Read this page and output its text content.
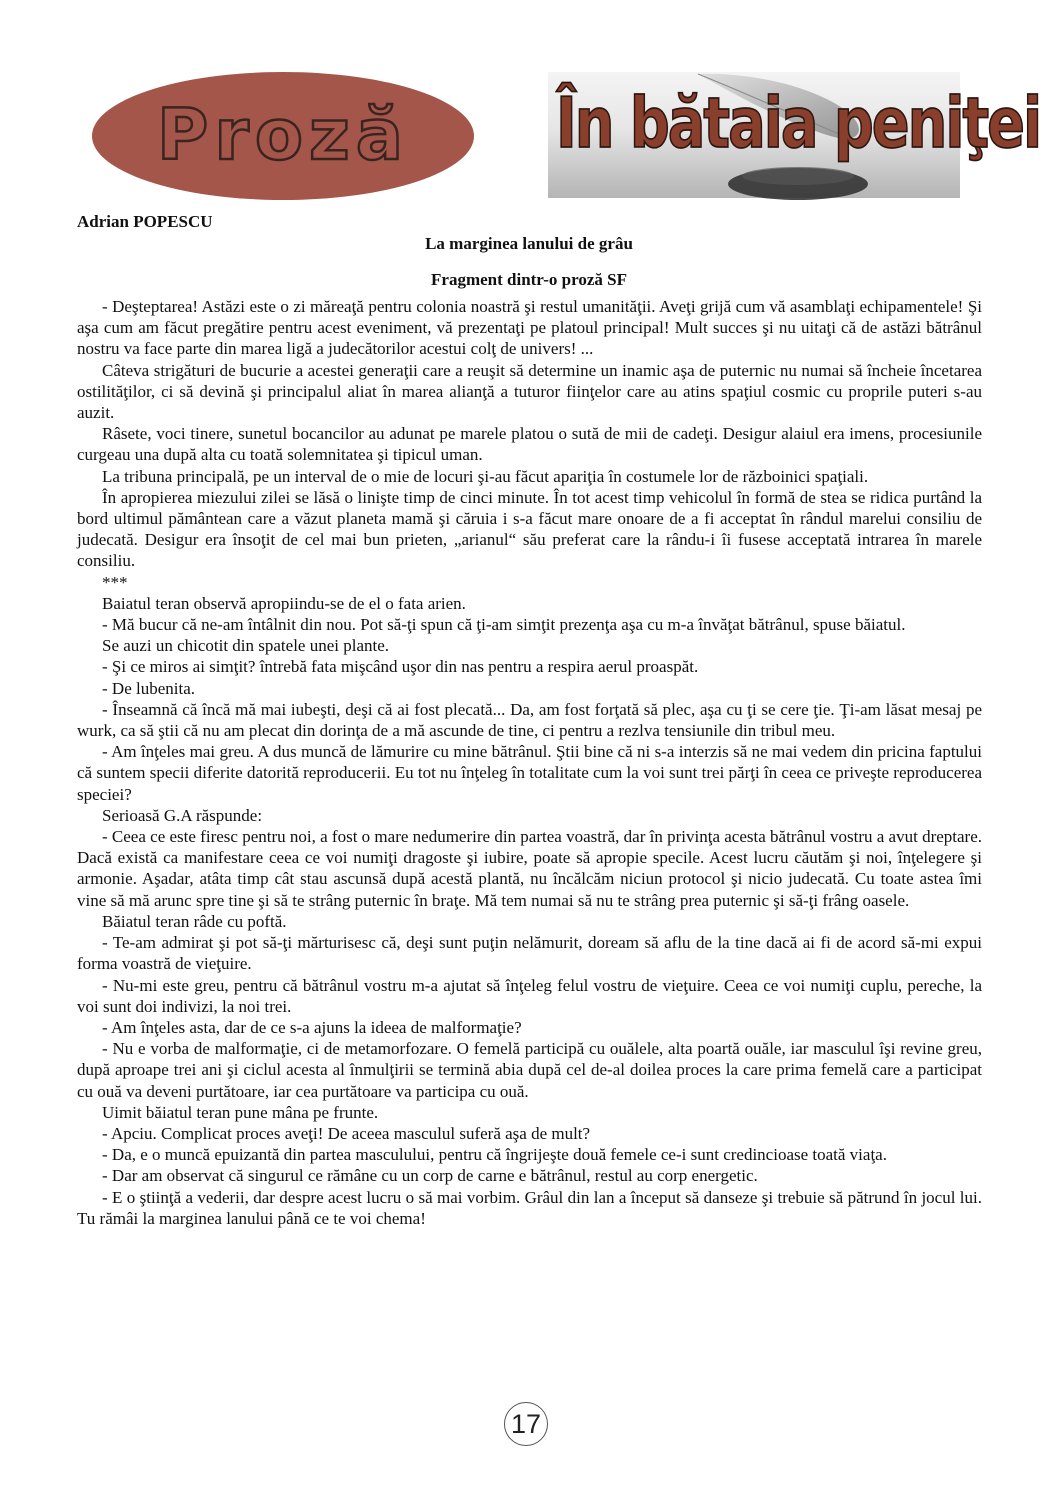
Proză	În bătaia peniţei
Adrian POPESCU
La marginea lanului de grâu
Fragment dintr-o proză SF

- Deşteptarea! Astăzi este o zi măreaţă pentru colonia noastră şi restul umanităţii. Aveţi grijă cum vă asamblaţi echipamentele! Şi aşa cum am făcut pregătire pentru acest eveniment, vă prezentaţi pe platoul principal! Mult succes şi nu uitaţi că de astăzi bătrânul nostru va face parte din marea ligă a judecătorilor acestui colţ de univers! ...

Câteva strigături de bucurie a acestei generaţii care a reuşit să determine un inamic aşa de puternic nu numai să încheie încetarea ostilităţilor, ci să devină şi principalul aliat în marea alianţă a tuturor fiinţelor care au atins spaţiul cosmic cu proprile puteri s-au auzit.

Râsete, voci tinere, sunetul bocancilor au adunat pe marele platou o sută de mii de cadeţi. Desigur alaiul era imens, procesiunile curgeau una după alta cu toată solemnitatea şi tipicul uman.

La tribuna principală, pe un interval de o mie de locuri şi-au făcut apariţia în costumele lor de războinici spaţiali.

În apropierea miezului zilei se lăsă o linişte timp de cinci minute. În tot acest timp vehicolul în formă de stea se ridica purtând la bord ultimul pământean care a văzut planeta mamă şi căruia i s-a făcut mare onoare de a fi acceptat în rândul marelui consiliu de judecată. Desigur era însoţit de cel mai bun prieten, „arianul“ său preferat care la rându-i îi fusese acceptată intrarea în marele consiliu.

***

Baiatul teran observă apropiindu-se de el o fata arien.

- Mă bucur că ne-am întâlnit din nou. Pot să-ţi spun că ţi-am simţit prezenţa aşa cu m-a învăţat bătrânul, spuse băiatul.

Se auzi un chicotit din spatele unei plante.

- Şi ce miros ai simţit? întrebă fata mişcând uşor din nas pentru a respira aerul proaspăt.

- De lubenita.

- Înseamnă că încă mă mai iubeşti, deşi că ai fost plecată... Da, am fost forţată să plec, aşa cu ţi se cere ţie. Ţi-am lăsat mesaj pe wurk, ca să ştii că nu am plecat din dorinţa de a mă ascunde de tine, ci pentru a rezlva tensiunile din tribul meu.

- Am înţeles mai greu. A dus muncă de lămurire cu mine bătrânul. Ştii bine că ni s-a interzis să ne mai vedem din pricina faptului că suntem specii diferite datorită reproducerii. Eu tot nu înţeleg în totalitate cum la voi sunt trei părţi în ceea ce priveşte reproducerea speciei?

Serioasă G.A răspunde:

- Ceea ce este firesc pentru noi, a fost o mare nedumerire din partea voastră, dar în privinţa acesta bătrânul vostru a avut dreptare. Dacă există ca manifestare ceea ce voi numiţi dragoste şi iubire, poate să apropie specile. Acest lucru căutăm şi noi, înţelegere şi armonie. Aşadar, atâta timp cât stau ascunsă după acestă plantă, nu încălcăm niciun protocol şi nicio judecată. Cu toate astea îmi vine să mă arunc spre tine şi să te strâng puternic în braţe. Mă tem numai să nu te strâng prea puternic şi să-ţi frâng oasele.

Băiatul teran râde cu poftă.

- Te-am admirat şi pot să-ţi mărturisesc că, deşi sunt puţin nelămurit, doream să aflu de la tine dacă ai fi de acord să-mi expui forma voastră de vieţuire.

- Nu-mi este greu, pentru că bătrânul vostru m-a ajutat să înţeleg felul vostru de vieţuire. Ceea ce voi numiţi cuplu, pereche, la voi sunt doi indivizi, la noi trei.

- Am înţeles asta, dar de ce s-a ajuns la ideea de malformaţie?

- Nu e vorba de malformaţie, ci de metamorfozare. O femelă participă cu ouălele, alta poartă ouăle, iar masculul îşi revine greu, după aproape trei ani şi ciclul acesta al înmulţirii se termină abia după cel de-al doilea proces la care prima femelă care a participat cu ouă va deveni purtătoare, iar cea purtătoare va participa cu ouă.

Uimit băiatul teran pune mâna pe frunte.

- Apciu. Complicat proces aveţi! De aceea masculul suferă aşa de mult?

- Da, e o muncă epuizantă din partea masculului, pentru că îngrijeşte două femele ce-i sunt credincioase toată viaţa.

- Dar am observat că singurul ce rămâne cu un corp de carne e bătrânul, restul au corp energetic.

- E o ştiinţă a vederii, dar despre acest lucru o să mai vorbim. Grâul din lan a început să danseze şi trebuie să pătrund în jocul lui. Tu rămâi la marginea lanului până ce te voi chema!

17
